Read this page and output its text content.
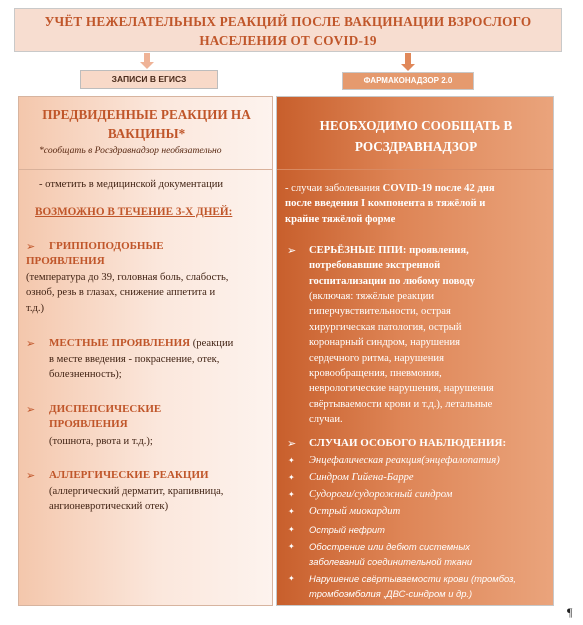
УЧЁТ НЕЖЕЛАТЕЛЬНЫХ РЕАКЦИЙ ПОСЛЕ ВАКЦИНАЦИИ ВЗРОСЛОГО
НАСЕЛЕНИЯ ОТ COVID-19
ЗАПИСИ В ЕГИСЗ	ФАРМАКОНАДЗОР 2.0
ПРЕДВИДЕННЫЕ РЕАКЦИИ НА
ВАКЦИНЫ*
*сообщать в Росздравнадзор необязательно
- отметить в медицинской документации
ВОЗМОЖНО В ТЕЧЕНИЕ 3-Х ДНЕЙ:
➢ ГРИППОПОДОБНЫЕ
ПРОЯВЛЕНИЯ
(температура до 39, головная боль, слабость,
озноб, резь в глазах, снижение аппетита и
т.д.)
➢ МЕСТНЫЕ ПРОЯВЛЕНИЯ (реакции
в месте введения - покраснение, отек,
болезненность);
➢ ДИСПЕПСИЧЕСКИЕ
ПРОЯВЛЕНИЯ
(тошнота, рвота и т.д.);
➢ АЛЛЕРГИЧЕСКИЕ РЕАКЦИИ
(аллергический дерматит, крапивница,
ангионевротический отек)
НЕОБХОДИМО СООБЩАТЬ В
РОСЗДРАВНАДЗОР
- случаи заболевания COVID-19 после 42 дня
после введения I компонента в тяжёлой и
крайне тяжёлой форме
➢ СЕРЬЁЗНЫЕ ППИ: проявления,
потребовавшие экстренной
госпитализации по любому поводу
(включая: тяжёлые реакции
гиперчувствительности, острая
хирургическая патология, острый
коронарный синдром, нарушения
сердечного ритма, нарушения
кровообращения, пневмония,
неврологические нарушения, нарушения
свёртываемости крови и т.д.), летальные
случаи.
➢ СЛУЧАИ ОСОБОГО НАБЛЮДЕНИЯ:
✦ Энцефалическая реакция(энцефалопатия)
✦ Синдром Гийена-Барре
✦ Судороги/судорожный синдром
✦ Острый миокардит
✦ Острый нефрит
✦ Обострение или дебют системных
заболеваний соединительной ткани
✦ Нарушение свёртываемости крови (тромбоз,
тромбоэмболия ,ДВС-синдром и др.)
¶
